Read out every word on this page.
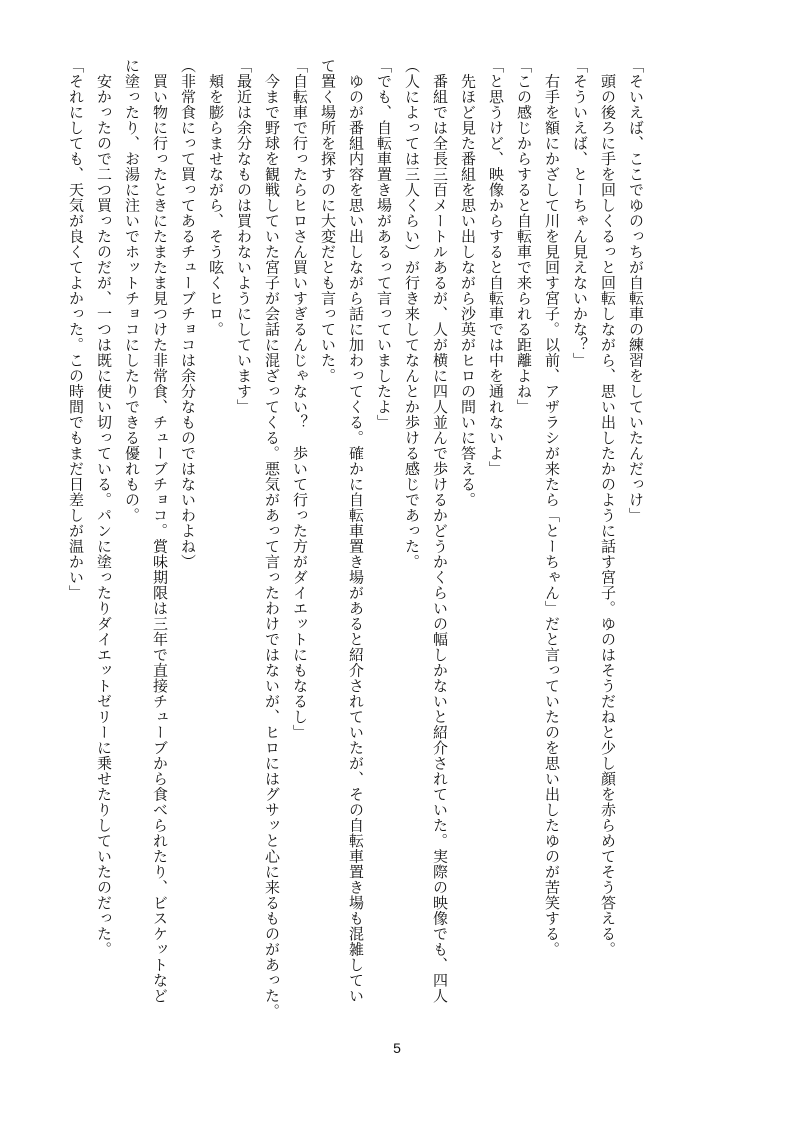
「そいえば、ここでゆのっちが自転車の練習をしていたんだっけ」
　頭の後ろに手を回しくるっと回転しながら、思い出したかのように話す宮子。ゆのはそうだねと少し顔を赤らめてそう答える。
「そういえば、とーちゃん見えないかな？」
　右手を額にかざして川を見回す宮子。以前、アザラシが来たら「とーちゃん」だと言っていたのを思い出したゆのが苦笑する。
「この感じからすると自転車で来られる距離よね」
「と思うけど、映像からすると自転車では中を通れないよ」
　先ほど見た番組を思い出しながら沙英がヒロの問いに答える。
　番組では全長三百メートルあるが、人が横に四人並んで歩けるかどうかくらいの幅しかないと紹介されていた。実際の映像でも、四人
（人によっては三人くらい）が行き来してなんとか歩ける感じであった。
「でも、自転車置き場があるって言っていましたよ」
　ゆのが番組内容を思い出しながら話に加わってくる。確かに自転車置き場があると紹介されていたが、その自転車置き場も混雑してい
て置く場所を探すのに大変だとも言っていた。
「自転車で行ったらヒロさん買いすぎるんじゃない？　歩いて行った方がダイエットにもなるし」
　今まで野球を観戦していた宮子が会話に混ざってくる。悪気があって言ったわけではないが、ヒロにはグサッと心に来るものがあった。
「最近は余分なものは買わないようにしています」
　頬を膨らませながら、そう呟くヒロ。
（非常食にって買ってあるチューブチョコは余分なものではないわよね）
　買い物に行ったときにたまたま見つけた非常食、チューブチョコ。賞味期限は三年で直接チューブから食べられたり、ビスケットなど
に塗ったり、お湯に注いでホットチョコにしたりできる優れもの。
　安かったので二つ買ったのだが、一つは既に使い切っている。パンに塗ったりダイエットゼリーに乗せたりしていたのだった。
「それにしても、天気が良くてよかった。この時間でもまだ日差しが温かい」
5
